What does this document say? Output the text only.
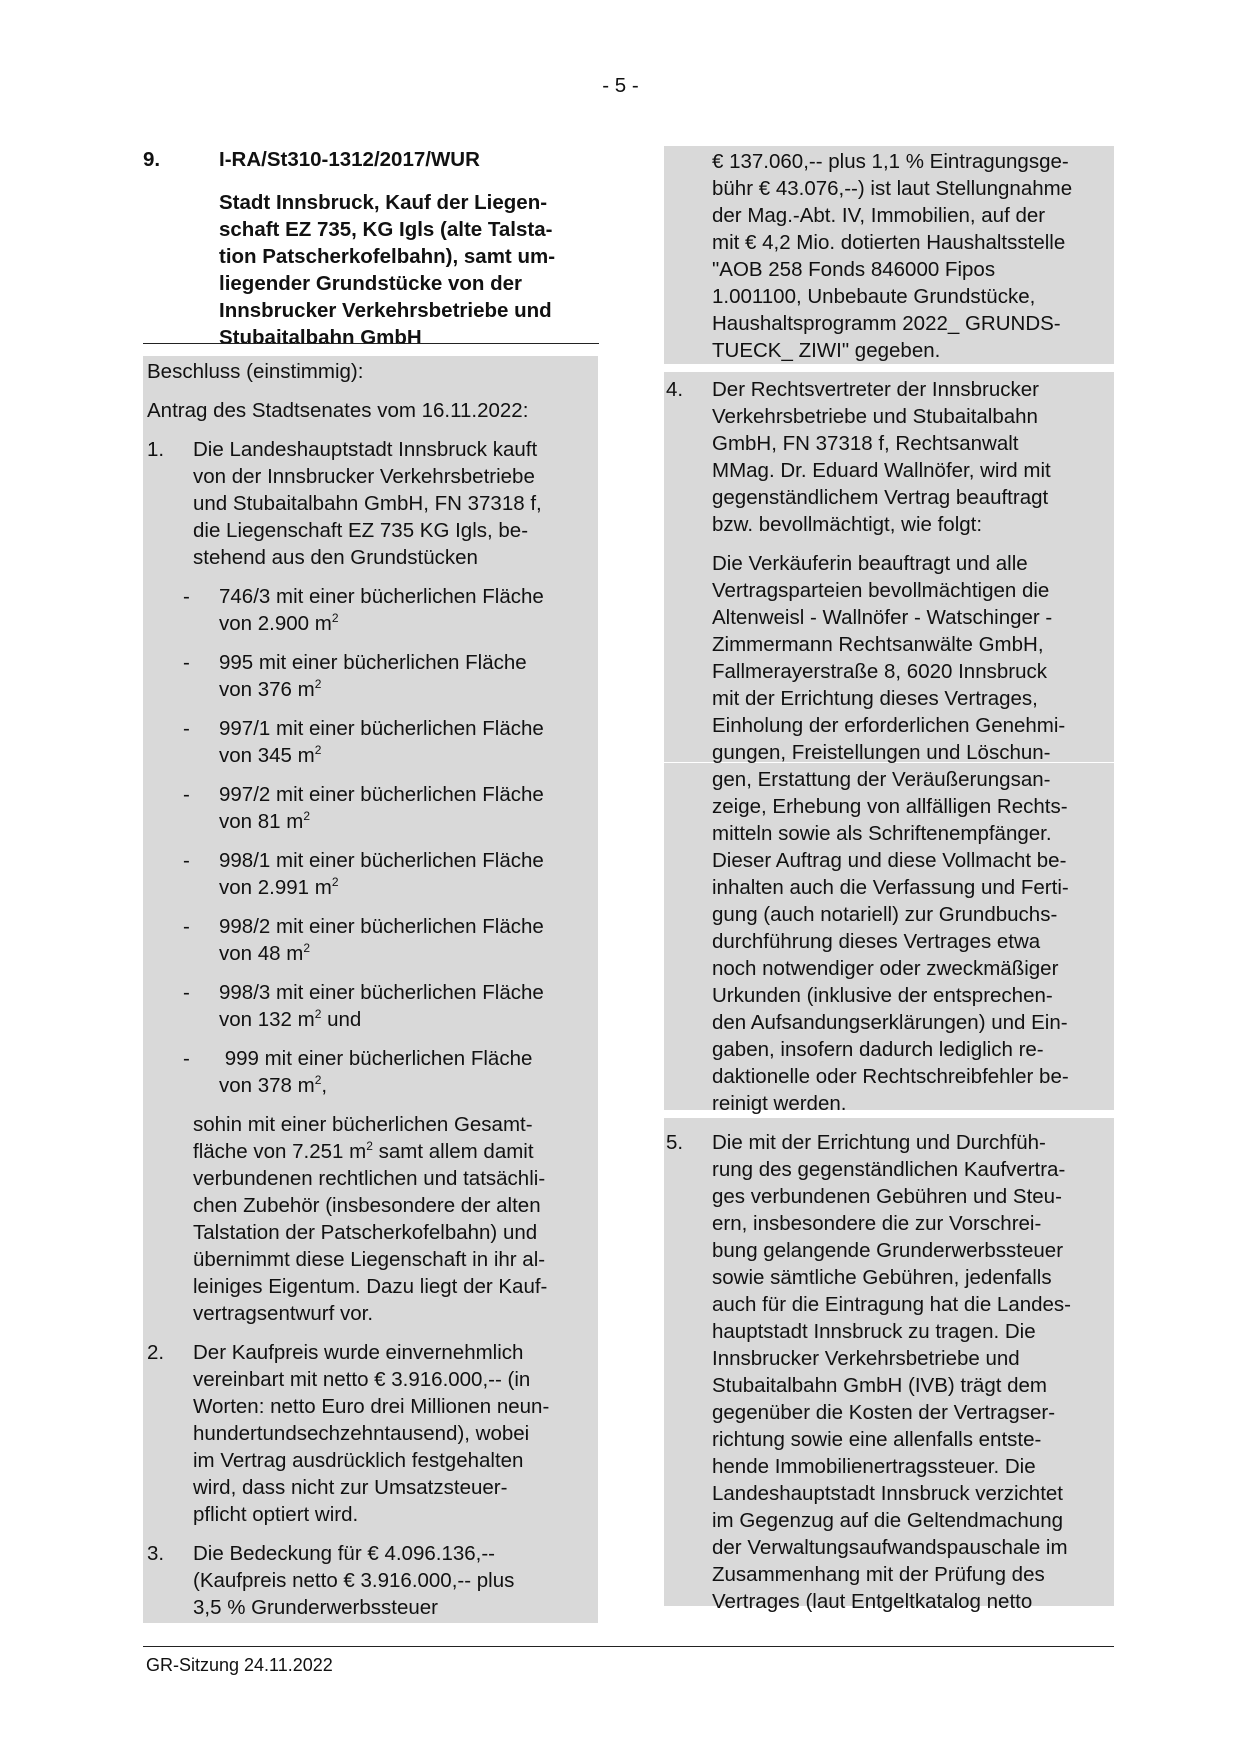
- 5 -
9.	I-RA/St310-1312/2017/WUR
Stadt Innsbruck, Kauf der Liegen-
schaft EZ 735, KG Igls (alte Talsta-
tion Patscherkofelbahn), samt um-
liegender Grundstücke von der
Innsbrucker Verkehrsbetriebe und
Stubaitalbahn GmbH
Beschluss (einstimmig):
Antrag des Stadtsenates vom 16.11.2022:
1.	Die Landeshauptstadt Innsbruck kauft
von der Innsbrucker Verkehrsbetriebe
und Stubaitalbahn GmbH, FN 37318 f,
die Liegenschaft EZ 735 KG Igls, be-
stehend aus den Grundstücken
-	746/3 mit einer bücherlichen Fläche
von 2.900 $m^2$
-	995 mit einer bücherlichen Fläche
von 376 $m^2$
-	997/1 mit einer bücherlichen Fläche
von 345 $m^2$
-	997/2 mit einer bücherlichen Fläche
von 81 $m^2$
-	998/1 mit einer bücherlichen Fläche
von 2.991 $m^2$
-	998/2 mit einer bücherlichen Fläche
von 48 $m^2$
-	998/3 mit einer bücherlichen Fläche
von 132 $m^2$ und
-	999 mit einer bücherlichen Fläche
von 378 $m^2$,
sohin mit einer bücherlichen Gesamt-
fläche von 7.251 $m^2$ samt allem damit
verbundenen rechtlichen und tatsächli-
chen Zubehör (insbesondere der alten
Talstation der Patscherkofelbahn) und
übernimmt diese Liegenschaft in ihr al-
leiniges Eigentum. Dazu liegt der Kauf-
vertragsentwurf vor.
2.	Der Kaufpreis wurde einvernehmlich
vereinbart mit netto € 3.916.000,-- (in
Worten: netto Euro drei Millionen neun-
hundertundsechzehntausend), wobei
im Vertrag ausdrücklich festgehalten
wird, dass nicht zur Umsatzsteuer-
pflicht optiert wird.
3.	Die Bedeckung für € 4.096.136,--
(Kaufpreis netto € 3.916.000,-- plus
3,5 % Grunderwerbssteuer
€ 137.060,-- plus 1,1 % Eintragungsge-
bühr € 43.076,--) ist laut Stellungnahme
der Mag.-Abt. IV, Immobilien, auf der
mit € 4,2 Mio. dotierten Haushaltsstelle
"AOB 258 Fonds 846000 Fipos
1.001100, Unbebaute Grundstücke,
Haushaltsprogramm 2022_ GRUNDS-
TUECK_ ZIWI" gegeben.
4.	Der Rechtsvertreter der Innsbrucker
Verkehrsbetriebe und Stubaitalbahn
GmbH, FN 37318 f, Rechtsanwalt
MMag. Dr. Eduard Wallnöfer, wird mit
gegenständlichem Vertrag beauftragt
bzw. bevollmächtigt, wie folgt:
Die Verkäuferin beauftragt und alle
Vertragsparteien bevollmächtigen die
Altenweisl - Wallnöfer - Watschinger -
Zimmermann Rechtsanwälte GmbH,
Fallmerayerstraße 8, 6020 Innsbruck
mit der Errichtung dieses Vertrages,
Einholung der erforderlichen Genehmi-
gungen, Freistellungen und Löschun-
gen, Erstattung der Veräußerungsan-
zeige, Erhebung von allfälligen Rechts-
mitteln sowie als Schriftenempfänger.
Dieser Auftrag und diese Vollmacht be-
inhalten auch die Verfassung und Ferti-
gung (auch notariell) zur Grundbuchs-
durchführung dieses Vertrages etwa
noch notwendiger oder zweckmäßiger
Urkunden (inklusive der entsprechen-
den Aufsandungserklärungen) und Ein-
gaben, insofern dadurch lediglich re-
daktionelle oder Rechtschreibfehler be-
reinigt werden.
5.	Die mit der Errichtung und Durchfüh-
rung des gegenständlichen Kaufvertra-
ges verbundenen Gebühren und Steu-
ern, insbesondere die zur Vorschrei-
bung gelangende Grunderwerbssteuer
sowie sämtliche Gebühren, jedenfalls
auch für die Eintragung hat die Landes-
hauptstadt Innsbruck zu tragen. Die
Innsbrucker Verkehrsbetriebe und
Stubaitalbahn GmbH (IVB) trägt dem
gegenüber die Kosten der Vertragser-
richtung sowie eine allenfalls entste-
hende Immobilienertragssteuer. Die
Landeshauptstadt Innsbruck verzichtet
im Gegenzug auf die Geltendmachung
der Verwaltungsaufwandspauschale im
Zusammenhang mit der Prüfung des
Vertrages (laut Entgeltkatalog netto
GR-Sitzung 24.11.2022
